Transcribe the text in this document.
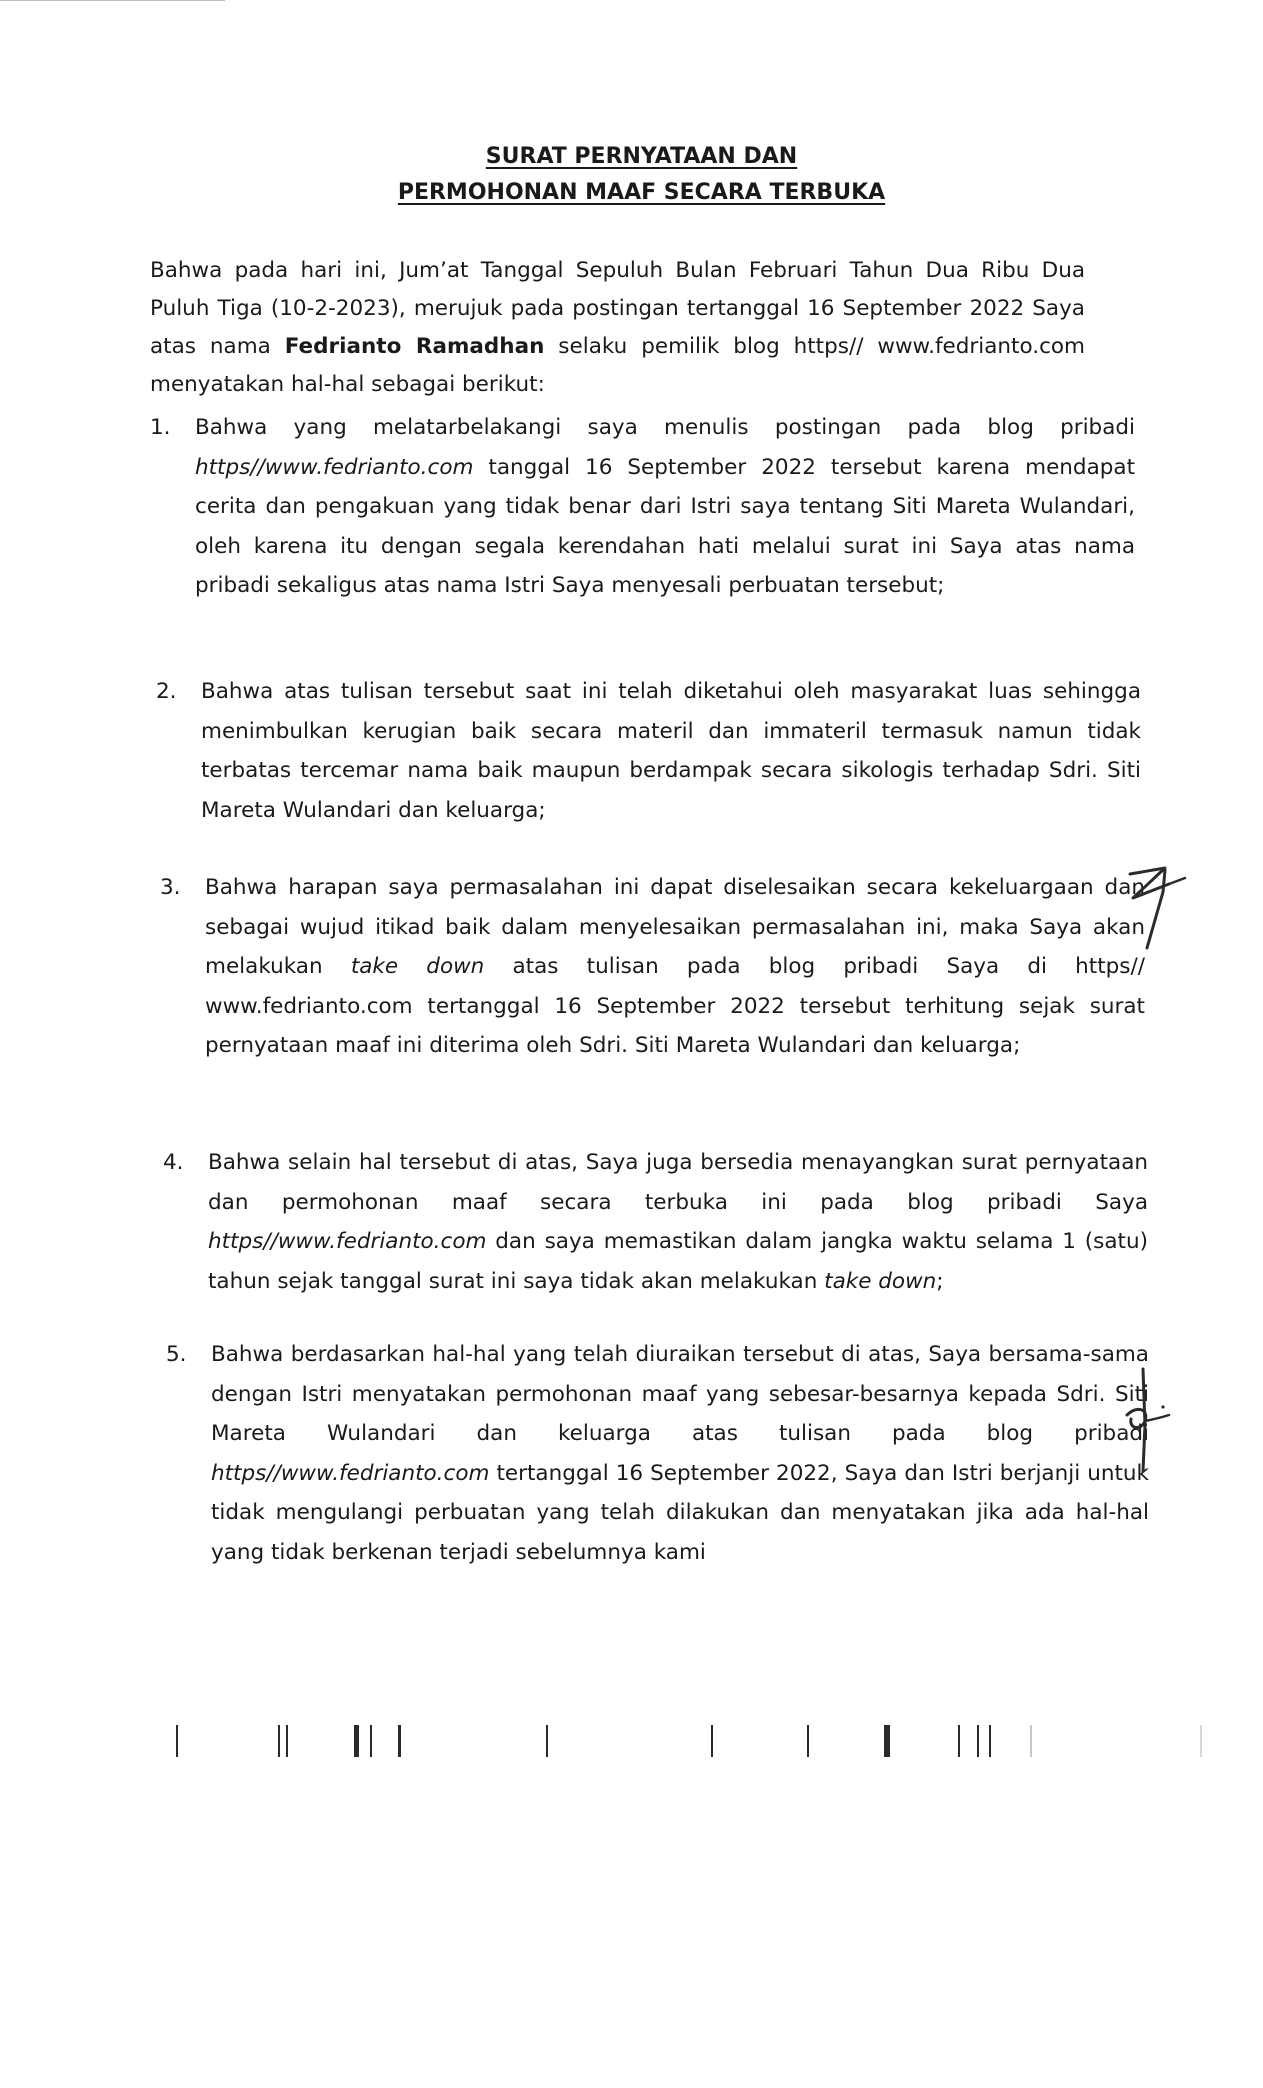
SURAT PERNYATAAN DAN
PERMOHONAN MAAF SECARA TERBUKA
Bahwa pada hari ini, Jum’at Tanggal Sepuluh Bulan Februari Tahun Dua Ribu Dua Puluh Tiga (10-2-2023), merujuk pada postingan tertanggal 16 September 2022 Saya atas nama Fedrianto Ramadhan selaku pemilik blog https// www.fedrianto.com menyatakan hal-hal sebagai berikut:
1.	Bahwa yang melatarbelakangi saya menulis postingan pada blog pribadi https//www.fedrianto.com tanggal 16 September 2022 tersebut karena mendapat cerita dan pengakuan yang tidak benar dari Istri saya tentang Siti Mareta Wulandari, oleh karena itu dengan segala kerendahan hati melalui surat ini Saya atas nama pribadi sekaligus atas nama Istri Saya menyesali perbuatan tersebut;
2.	Bahwa atas tulisan tersebut saat ini telah diketahui oleh masyarakat luas sehingga menimbulkan kerugian baik secara materil dan immateril termasuk namun tidak terbatas tercemar nama baik maupun berdampak secara sikologis terhadap Sdri. Siti Mareta Wulandari dan keluarga;
3.	Bahwa harapan saya permasalahan ini dapat diselesaikan secara kekeluargaan dan sebagai wujud itikad baik dalam menyelesaikan permasalahan ini, maka Saya akan melakukan take down atas tulisan pada blog pribadi Saya di https// www.fedrianto.com tertanggal 16 September 2022 tersebut terhitung sejak surat pernyataan maaf ini diterima oleh Sdri. Siti Mareta Wulandari dan keluarga;
4.	Bahwa selain hal tersebut di atas, Saya juga bersedia menayangkan surat pernyataan dan permohonan maaf secara terbuka ini pada blog pribadi Saya https//www.fedrianto.com dan saya memastikan dalam jangka waktu selama 1 (satu) tahun sejak tanggal surat ini saya tidak akan melakukan take down;
5.	Bahwa berdasarkan hal-hal yang telah diuraikan tersebut di atas, Saya bersama-sama dengan Istri menyatakan permohonan maaf yang sebesar-besarnya kepada Sdri. Siti Mareta Wulandari dan keluarga atas tulisan pada blog pribadi https//www.fedrianto.com tertanggal 16 September 2022, Saya dan Istri berjanji untuk tidak mengulangi perbuatan yang telah dilakukan dan menyatakan jika ada hal-hal yang tidak berkenan terjadi sebelumnya kami
